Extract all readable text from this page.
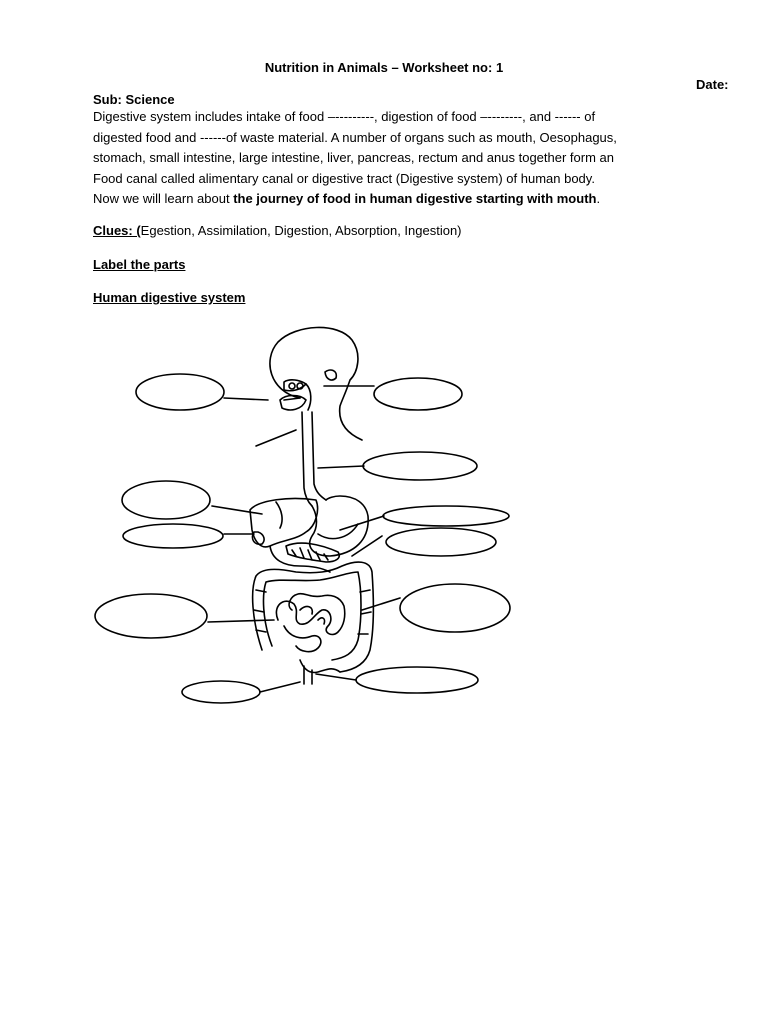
Nutrition in Animals – Worksheet no: 1
Date:
Sub: Science

Digestive system includes intake of food –---------, digestion of food –--------, and ------ of

digested food and ------of waste material. A number of organs such as mouth, Oesophagus,

stomach, small intestine, large intestine, liver, pancreas, rectum and anus together form an

Food canal called alimentary canal or digestive tract (Digestive system) of human body.

Now we will learn about the journey of food in human digestive starting with mouth.

Clues: (Egestion, Assimilation, Digestion, Absorption, Ingestion)
Label the parts
Human digestive system
